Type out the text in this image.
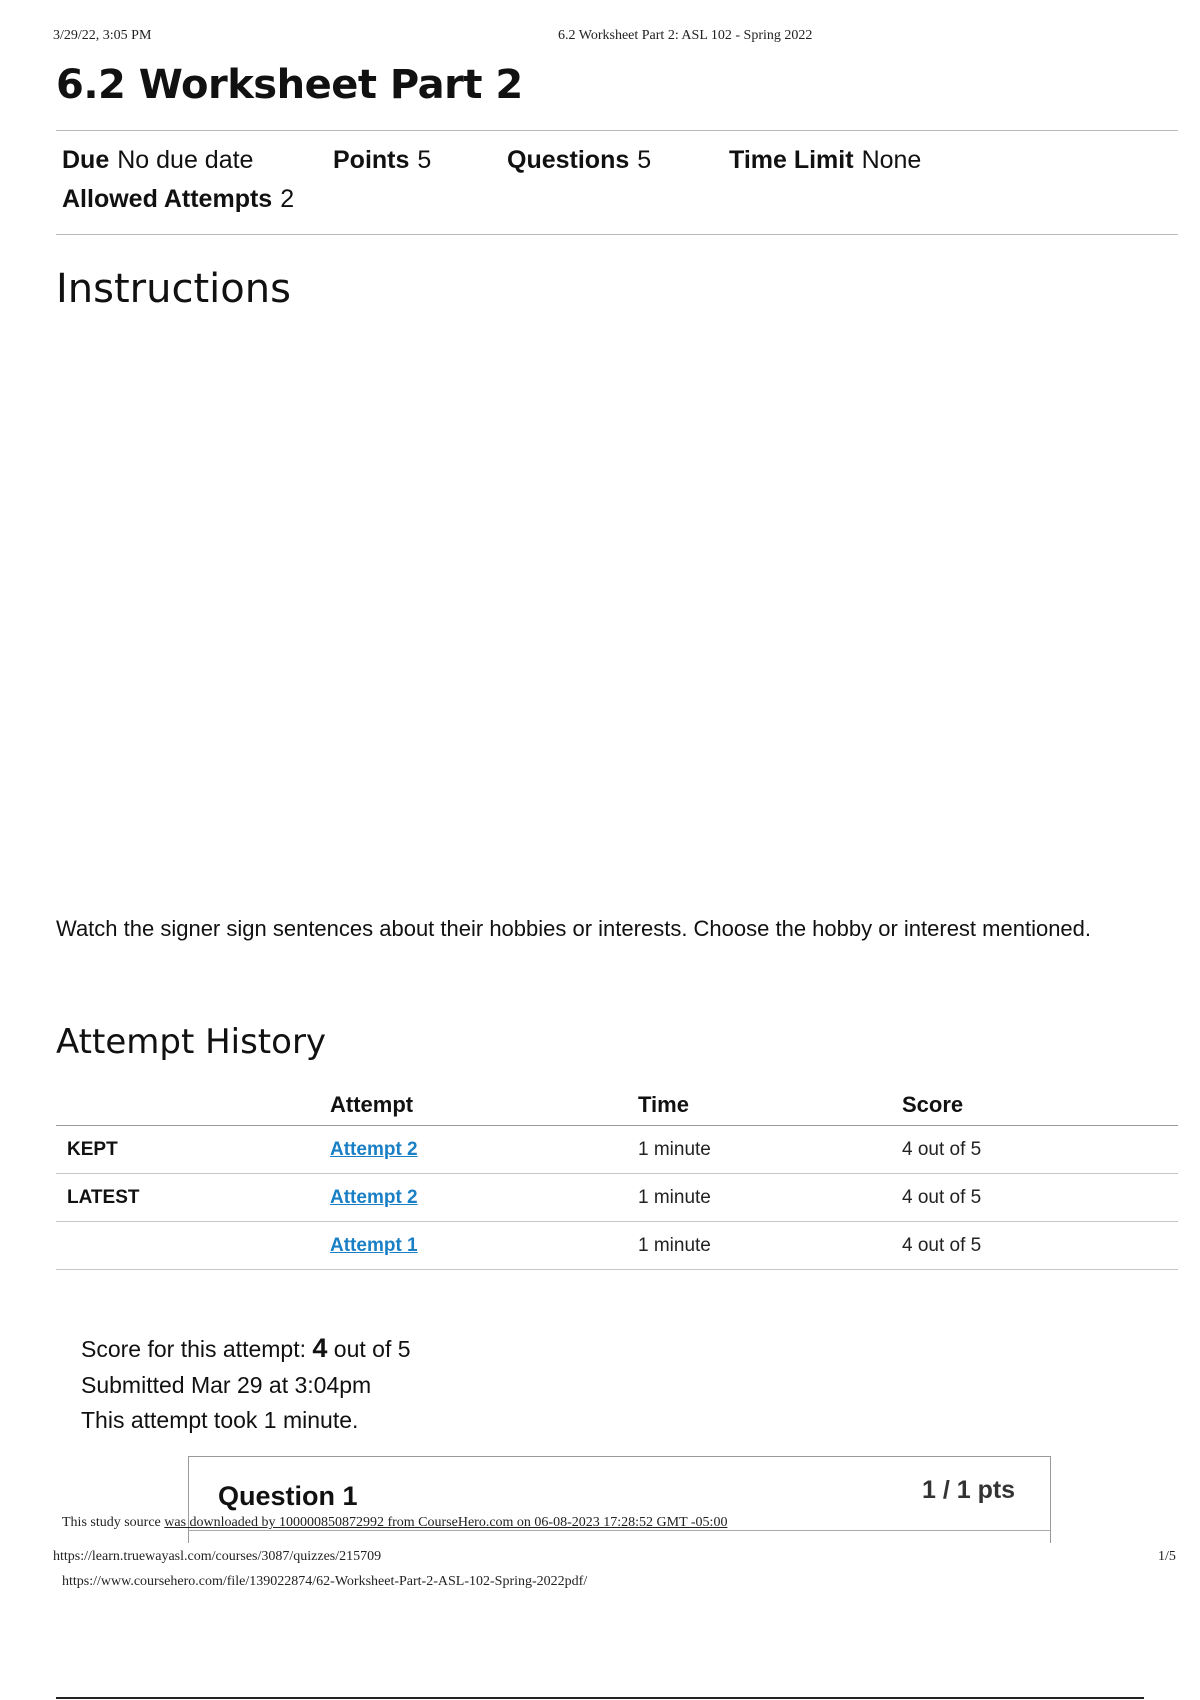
3/29/22, 3:05 PM	6.2 Worksheet Part 2: ASL 102 - Spring 2022
6.2 Worksheet Part 2
Due No due date	Points 5	Questions 5	Time Limit None
Allowed Attempts 2
Instructions
Watch the signer sign sentences about their hobbies or interests. Choose the hobby or interest mentioned.
Attempt History
	Attempt	Time	Score
KEPT	Attempt 2	1 minute	4 out of 5
LATEST	Attempt 2	1 minute	4 out of 5
	Attempt 1	1 minute	4 out of 5
Score for this attempt: 4 out of 5
Submitted Mar 29 at 3:04pm
This attempt took 1 minute.
Question 1	1 / 1 pts
This study source was downloaded by 100000850872992 from CourseHero.com on 06-08-2023 17:28:52 GMT -05:00
https://learn.truewayasl.com/courses/3087/quizzes/215709	1/5
https://www.coursehero.com/file/139022874/62-Worksheet-Part-2-ASL-102-Spring-2022pdf/
